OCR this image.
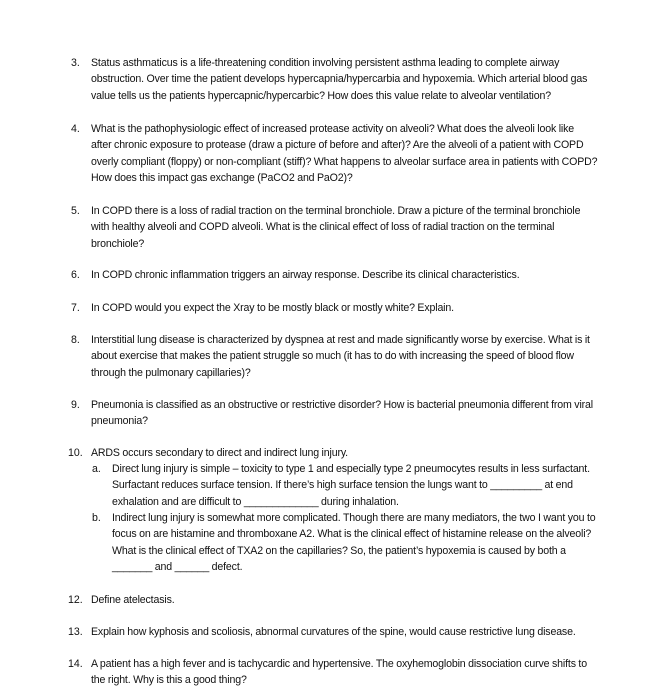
3. Status asthmaticus is a life-threatening condition involving persistent asthma leading to complete airway
obstruction. Over time the patient develops hypercapnia/hypercarbia and hypoxemia. Which arterial blood gas
value tells us the patients hypercapnic/hypercarbic? How does this value relate to alveolar ventilation?
4. What is the pathophysiologic effect of increased protease activity on alveoli? What does the alveoli look like
after chronic exposure to protease (draw a picture of before and after)? Are the alveoli of a patient with COPD
overly compliant (floppy) or non-compliant (stiff)? What happens to alveolar surface area in patients with COPD?
How does this impact gas exchange (PaCO2 and PaO2)?
5. In COPD there is a loss of radial traction on the terminal bronchiole. Draw a picture of the terminal bronchiole
with healthy alveoli and COPD alveoli. What is the clinical effect of loss of radial traction on the terminal
bronchiole?
6. In COPD chronic inflammation triggers an airway response. Describe its clinical characteristics.
7. In COPD would you expect the Xray to be mostly black or mostly white? Explain.
8. Interstitial lung disease is characterized by dyspnea at rest and made significantly worse by exercise. What is it
about exercise that makes the patient struggle so much (it has to do with increasing the speed of blood flow
through the pulmonary capillaries)?
9. Pneumonia is classified as an obstructive or restrictive disorder? How is bacterial pneumonia different from viral
pneumonia?
10. ARDS occurs secondary to direct and indirect lung injury.
a. Direct lung injury is simple – toxicity to type 1 and especially type 2 pneumocytes results in less surfactant.
Surfactant reduces surface tension. If there’s high surface tension the lungs want to _________ at end
exhalation and are difficult to _____________ during inhalation.
b. Indirect lung injury is somewhat more complicated. Though there are many mediators, the two I want you to
focus on are histamine and thromboxane A2. What is the clinical effect of histamine release on the alveoli?
What is the clinical effect of TXA2 on the capillaries? So, the patient’s hypoxemia is caused by both a
_______ and ______ defect.
12. Define atelectasis.
13. Explain how kyphosis and scoliosis, abnormal curvatures of the spine, would cause restrictive lung disease.
14. A patient has a high fever and is tachycardic and hypertensive. The oxyhemoglobin dissociation curve shifts to
the right. Why is this a good thing?
